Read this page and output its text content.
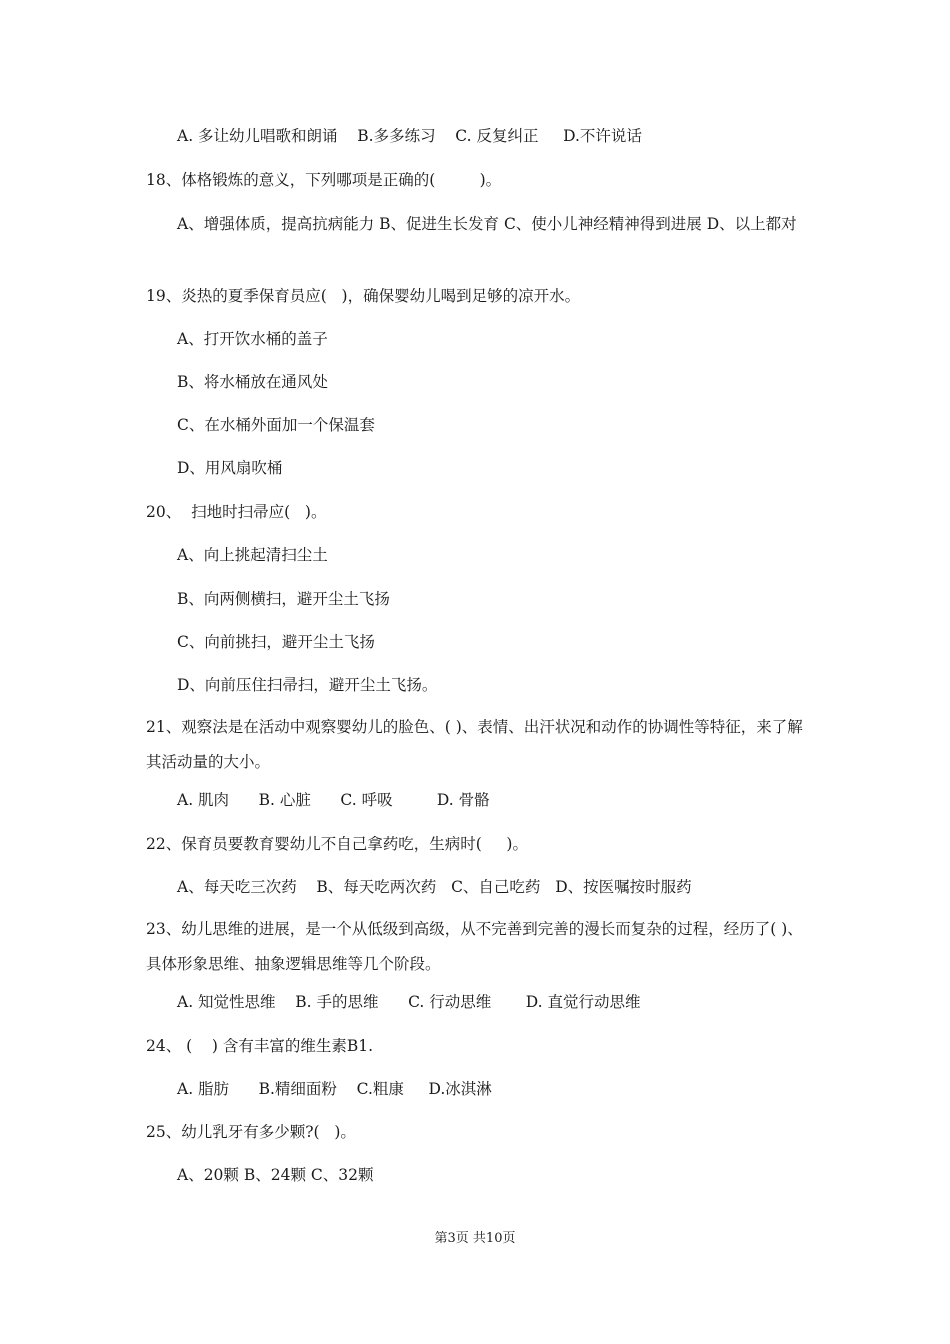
A. 多让幼儿唱歌和朗诵    B.多多练习    C. 反复纠正     D.不许说话
18、体格锻炼的意义，下列哪项是正确的(         )。
A、增强体质，提高抗病能力 B、促进生长发育 C、使小儿神经精神得到进展 D、以上都对
19、炎热的夏季保育员应(   )，确保婴幼儿喝到足够的凉开水。
A、打开饮水桶的盖子
B、将水桶放在通风处
C、在水桶外面加一个保温套
D、用风扇吹桶
20、  扫地时扫帚应(   )。
A、向上挑起清扫尘土
B、向两侧横扫，避开尘土飞扬
C、向前挑扫，避开尘土飞扬
D、向前压住扫帚扫，避开尘土飞扬。
21、观察法是在活动中观察婴幼儿的脸色、( )、表情、出汗状况和动作的协调性等特征，来了解其活动量的大小。
A. 肌肉      B. 心脏      C. 呼吸         D. 骨骼
22、保育员要教育婴幼儿不自己拿药吃，生病时(     )。
A、每天吃三次药    B、每天吃两次药   C、自己吃药   D、按医嘱按时服药
23、幼儿思维的进展，是一个从低级到高级，从不完善到完善的漫长而复杂的过程，经历了( )、具体形象思维、抽象逻辑思维等几个阶段。
A. 知觉性思维    B. 手的思维      C. 行动思维       D. 直觉行动思维
24、 (    ) 含有丰富的维生素B1.
A. 脂肪      B.精细面粉    C.粗康     D.冰淇淋
25、幼儿乳牙有多少颗?(   )。
A、20颗 B、24颗 C、32颗
第3页 共10页
